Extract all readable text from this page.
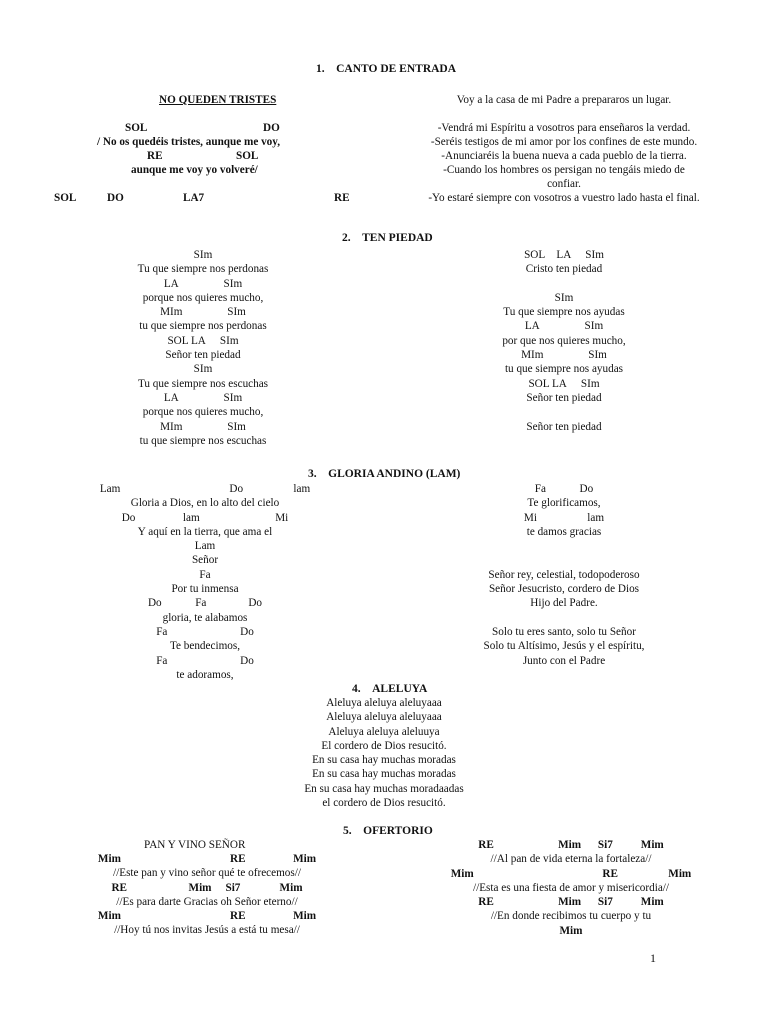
1.    CANTO DE ENTRADA
NO QUEDEN TRISTES
SOL	DO
/ No os quedéis tristes, aunque me voy,
RE	SOL
aunque me voy yo volveré/
SOL	DO	LA7	RE
Voy a la casa de mi Padre a prepararos un lugar.
-Vendrá mi Espíritu a vosotros para enseñaros la verdad.
-Seréis testigos de mi amor por los confines de este mundo.
-Anunciaréis la buena nueva a cada pueblo de la tierra.
-Cuando los hombres os persigan no tengáis miedo de
confiar.
-Yo estaré siempre con vosotros a vuestro lado hasta el final.
2.    TEN PIEDAD
SIm
Tu que siempre nos perdonas
LA                SIm
porque nos quieres mucho,
MIm                SIm
tu que siempre nos perdonas
SOL LA     SIm
Señor ten piedad
SIm
Tu que siempre nos escuchas
LA                SIm
porque nos quieres mucho,
MIm                SIm
tu que siempre nos escuchas
SOL    LA     SIm
Cristo ten piedad
SIm
Tu que siempre nos ayudas
LA                SIm
por que nos quieres mucho,
MIm                SIm
tu que siempre nos ayudas
SOL LA     SIm
Señor ten piedad
Señor ten piedad
3.    GLORIA ANDINO (LAM)
Lam                                       Do                  lam
Gloria a Dios, en lo alto del cielo
Do                 lam                           Mi
Y aquí en la tierra, que ama el
Lam
Señor
Fa
Por tu inmensa
Do            Fa               Do
gloria, te alabamos
Fa                          Do
Te bendecimos,
Fa                          Do
te adoramos,
Fa            Do
Te glorificamos,
Mi                  lam
te damos gracias
Señor rey, celestial, todopoderoso
Señor Jesucristo, cordero de Dios
Hijo del Padre.
Solo tu eres santo, solo tu Señor
Solo tu Altísimo, Jesús y el espíritu,
Junto con el Padre
4.    ALELUYA
Aleluya aleluya aleluyaaa
Aleluya aleluya aleluyaaa
Aleluya aleluya aleluuya
El cordero de Dios resucitó.
En su casa hay muchas moradas
En su casa hay muchas moradas
En su casa hay muchas moradaadas
el cordero de Dios resucitó.
5.    OFERTORIO
PAN Y VINO SEÑOR
Mim                                       RE                 Mim
//Este pan y vino señor qué te ofrecemos//
RE                      Mim     Si7              Mim
//Es para darte Gracias oh Señor eterno//
Mim                                       RE                 Mim
//Hoy tú nos invitas Jesús a está tu mesa//
RE                       Mim      Si7          Mim
//Al pan de vida eterna la fortaleza//
Mim                                              RE                  Mim
//Esta es una fiesta de amor y misericordia//
RE                       Mim      Si7          Mim
//En donde recibimos tu cuerpo y tu
Mim
1
